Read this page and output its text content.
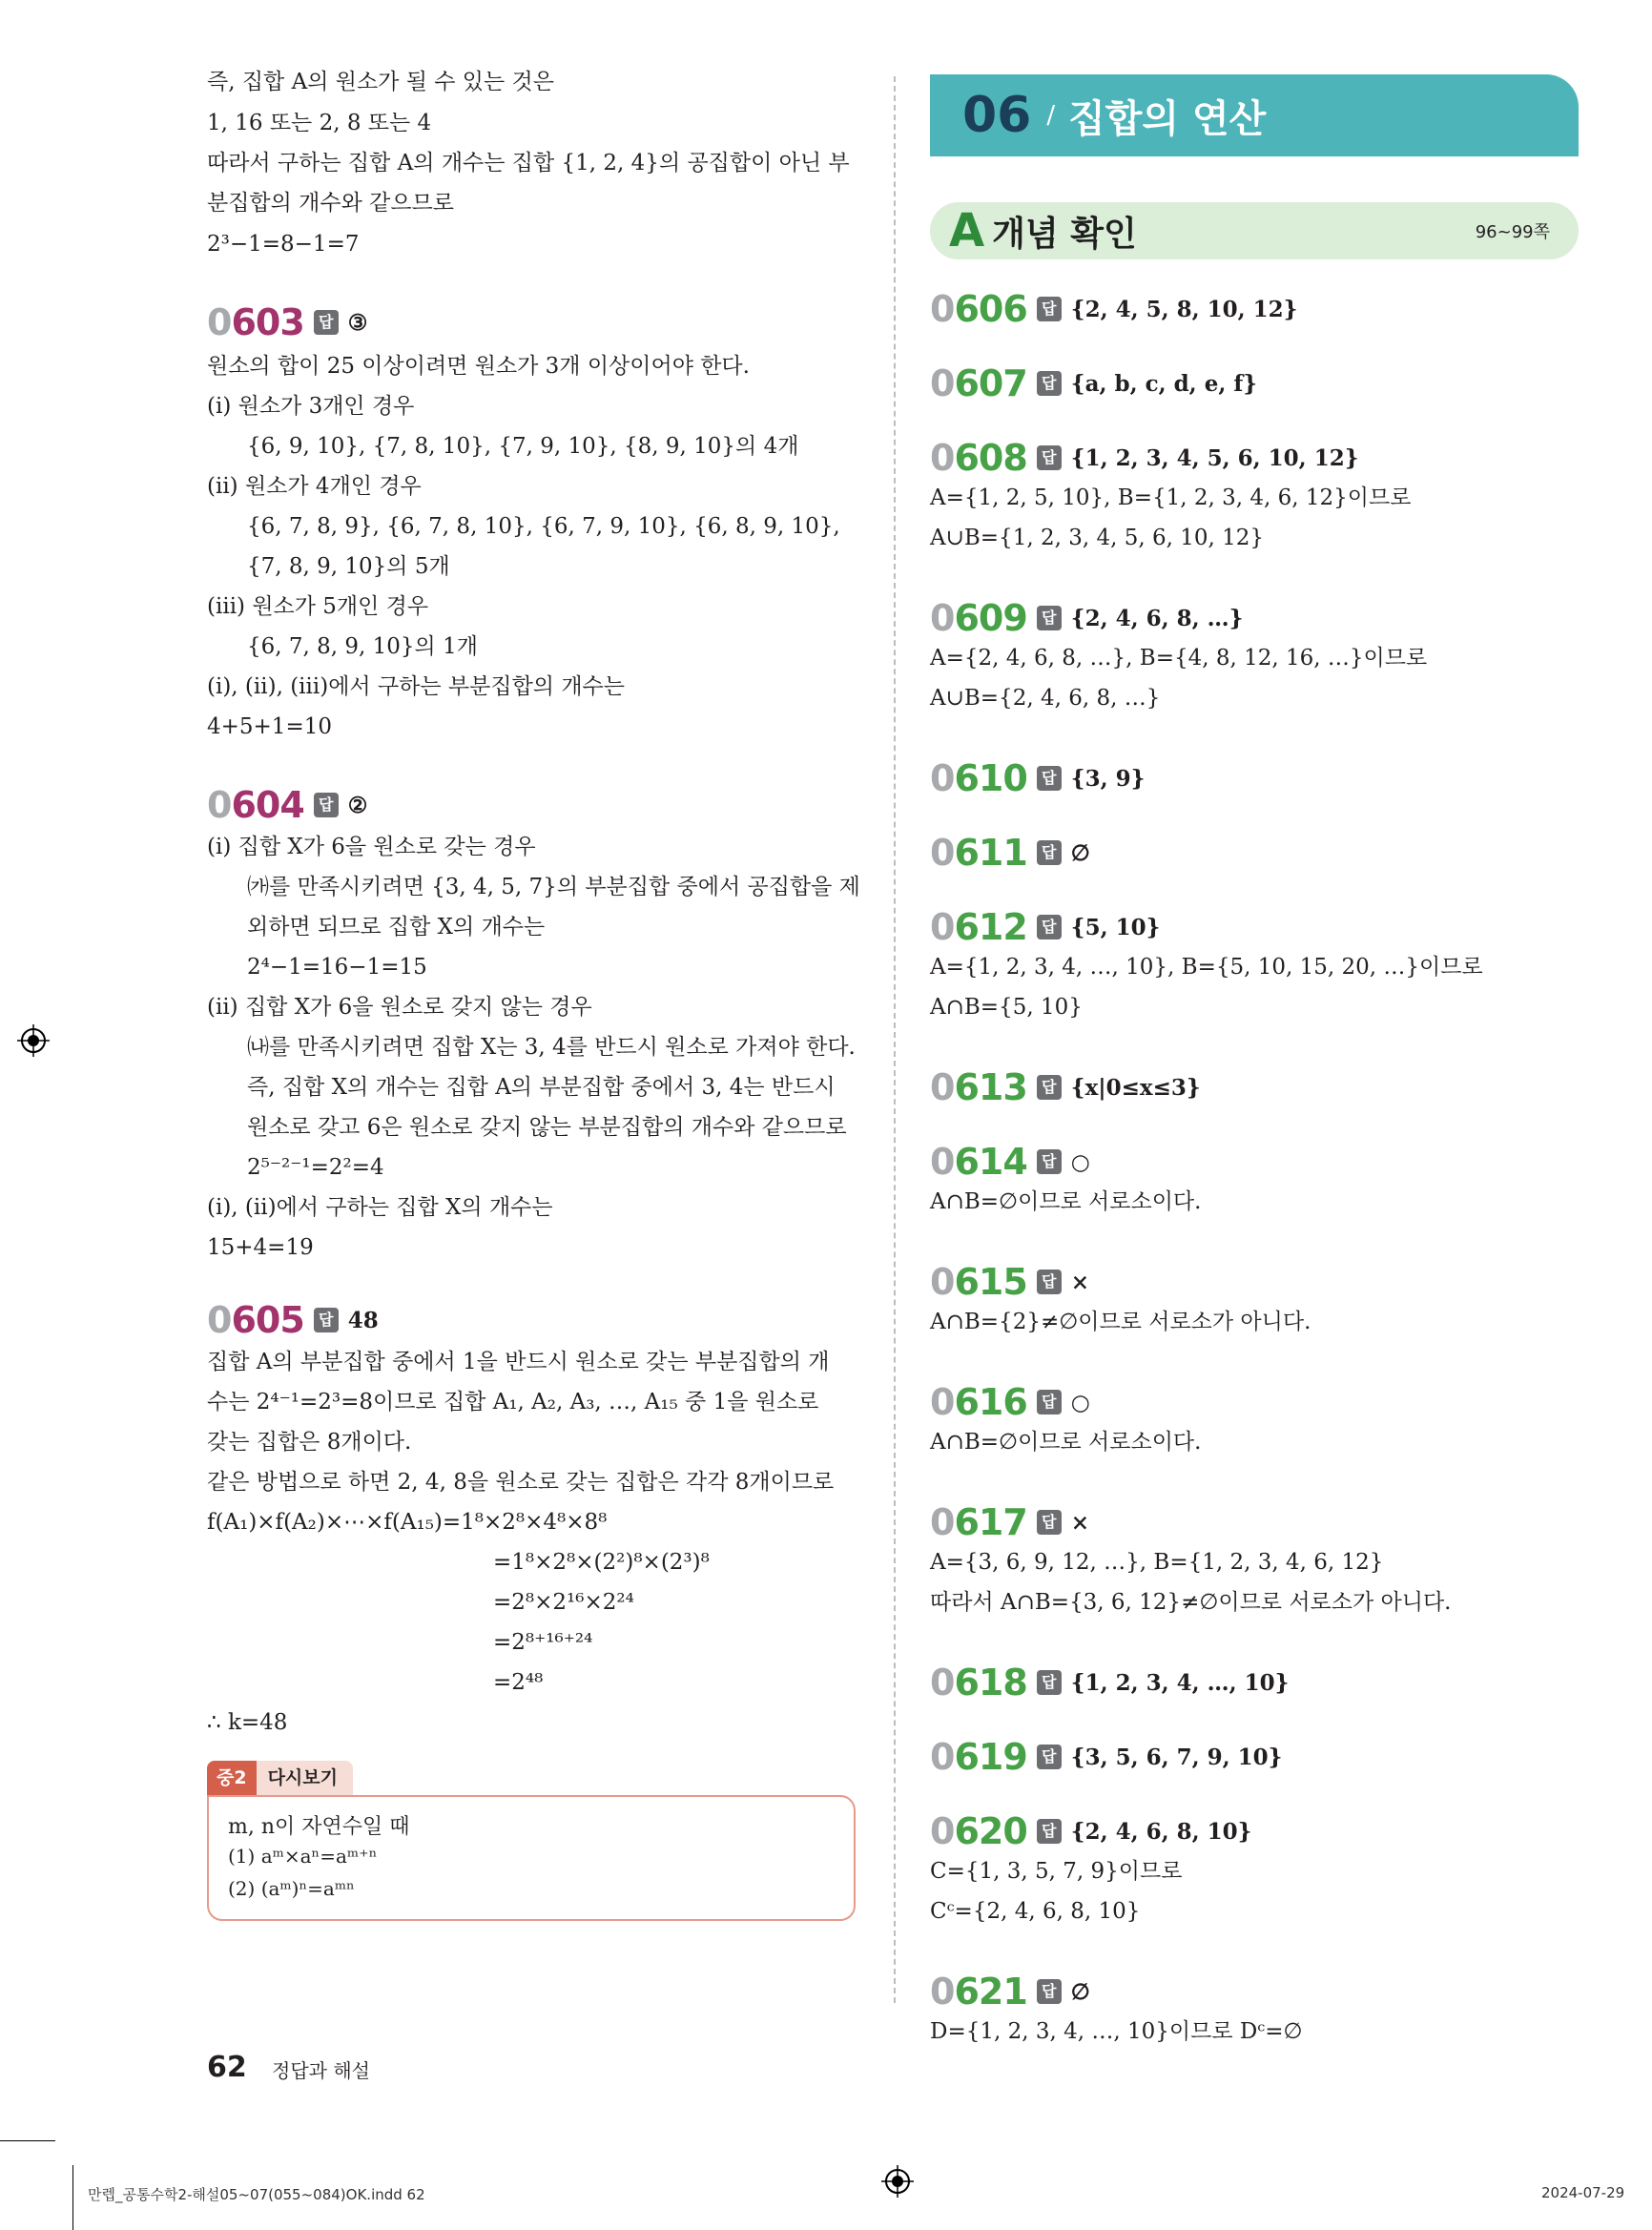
즉, 집합 A의 원소가 될 수 있는 것은
1, 16 또는 2, 8 또는 4
따라서 구하는 집합 A의 개수는 집합 {1, 2, 4}의 공집합이 아닌 부
분집합의 개수와 같으므로
2³−1=8−1=7
0603 답 ③
원소의 합이 25 이상이려면 원소가 3개 이상이어야 한다.
(ⅰ) 원소가 3개인 경우
{6, 9, 10}, {7, 8, 10}, {7, 9, 10}, {8, 9, 10}의 4개
(ⅱ) 원소가 4개인 경우
{6, 7, 8, 9}, {6, 7, 8, 10}, {6, 7, 9, 10}, {6, 8, 9, 10},
{7, 8, 9, 10}의 5개
(ⅲ) 원소가 5개인 경우
{6, 7, 8, 9, 10}의 1개
(ⅰ), (ⅱ), (ⅲ)에서 구하는 부분집합의 개수는
4+5+1=10
0604 답 ②
(ⅰ) 집합 X가 6을 원소로 갖는 경우
㈎를 만족시키려면 {3, 4, 5, 7}의 부분집합 중에서 공집합을 제
외하면 되므로 집합 X의 개수는
2⁴−1=16−1=15
(ⅱ) 집합 X가 6을 원소로 갖지 않는 경우
㈏를 만족시키려면 집합 X는 3, 4를 반드시 원소로 가져야 한다.
즉, 집합 X의 개수는 집합 A의 부분집합 중에서 3, 4는 반드시
원소로 갖고 6은 원소로 갖지 않는 부분집합의 개수와 같으므로
2⁵⁻²⁻¹=2²=4
(ⅰ), (ⅱ)에서 구하는 집합 X의 개수는
15+4=19
0605 답 48
집합 A의 부분집합 중에서 1을 반드시 원소로 갖는 부분집합의 개
수는 2⁴⁻¹=2³=8이므로 집합 A₁, A₂, A₃, …, A₁₅ 중 1을 원소로
갖는 집합은 8개이다.
같은 방법으로 하면 2, 4, 8을 원소로 갖는 집합은 각각 8개이므로
f(A₁)×f(A₂)×⋯×f(A₁₅)=1⁸×2⁸×4⁸×8⁸
=1⁸×2⁸×(2²)⁸×(2³)⁸
=2⁸×2¹⁶×2²⁴
=2⁸⁺¹⁶⁺²⁴
=2⁴⁸
∴ k=48
중2	다시보기
m, n이 자연수일 때
(1) aᵐ×aⁿ=aᵐ⁺ⁿ
(2) (aᵐ)ⁿ=aᵐⁿ
06 / 집합의 연산
A 개념 확인	96~99쪽
0606 답 {2, 4, 5, 8, 10, 12}
0607 답 {a, b, c, d, e, f}
0608 답 {1, 2, 3, 4, 5, 6, 10, 12}
A={1, 2, 5, 10}, B={1, 2, 3, 4, 6, 12}이므로
A∪B={1, 2, 3, 4, 5, 6, 10, 12}
0609 답 {2, 4, 6, 8, …}
A={2, 4, 6, 8, …}, B={4, 8, 12, 16, …}이므로
A∪B={2, 4, 6, 8, …}
0610 답 {3, 9}
0611 답 ∅
0612 답 {5, 10}
A={1, 2, 3, 4, …, 10}, B={5, 10, 15, 20, …}이므로
A∩B={5, 10}
0613 답 {x|0≤x≤3}
0614 답 ○
A∩B=∅이므로 서로소이다.
0615 답 ×
A∩B={2}≠∅이므로 서로소가 아니다.
0616 답 ○
A∩B=∅이므로 서로소이다.
0617 답 ×
A={3, 6, 9, 12, …}, B={1, 2, 3, 4, 6, 12}
따라서 A∩B={3, 6, 12}≠∅이므로 서로소가 아니다.
0618 답 {1, 2, 3, 4, …, 10}
0619 답 {3, 5, 6, 7, 9, 10}
0620 답 {2, 4, 6, 8, 10}
C={1, 3, 5, 7, 9}이므로
Cᶜ={2, 4, 6, 8, 10}
0621 답 ∅
D={1, 2, 3, 4, …, 10}이므로 Dᶜ=∅
62 정답과 해설
만렙_공통수학2-해설05~07(055~084)OK.indd 62	2024-07-29
